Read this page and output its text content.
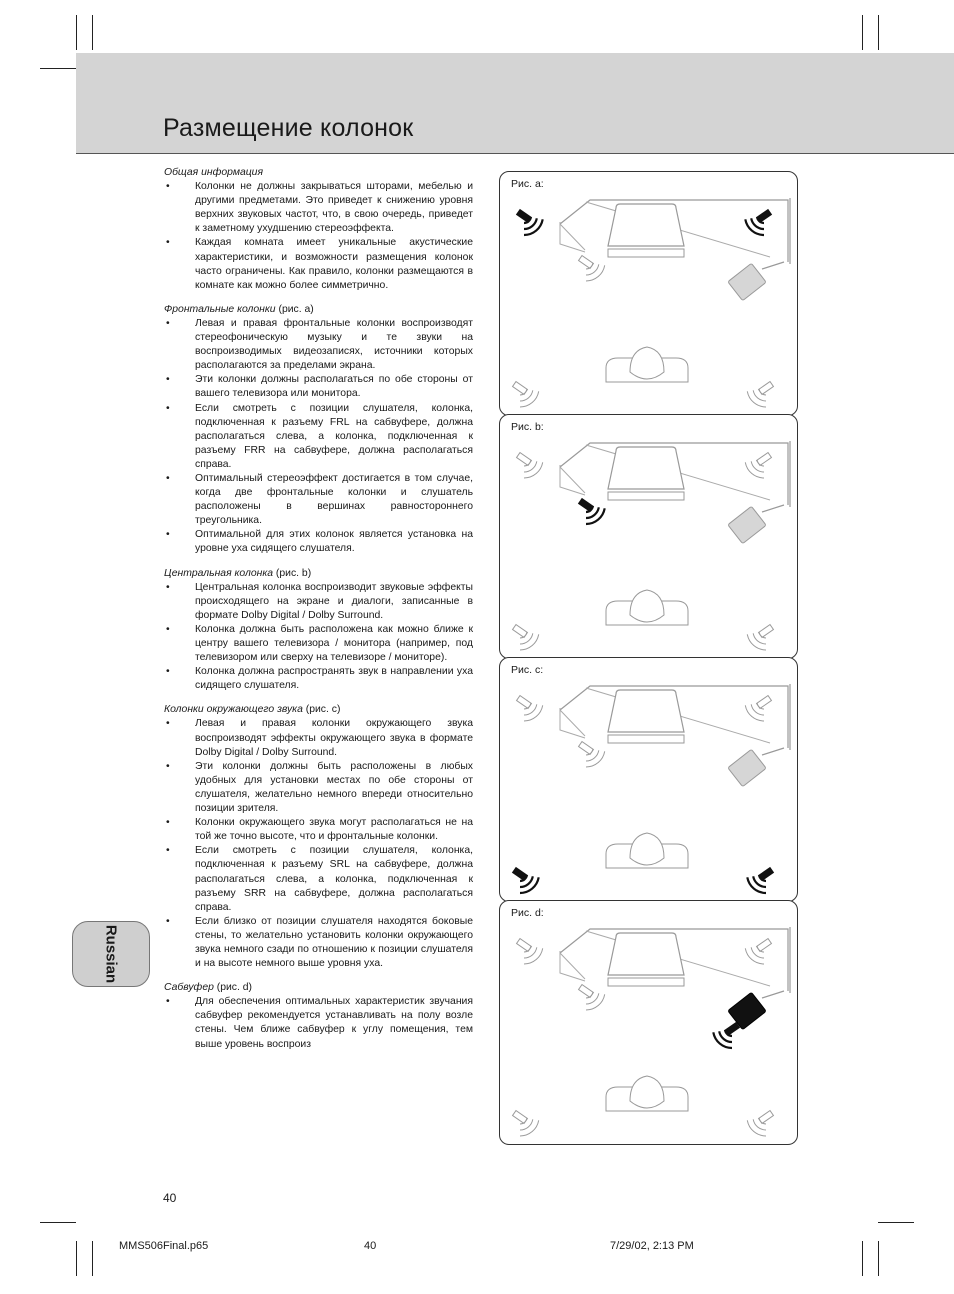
Размещение колонок
Общая информация
• Колонки не должны закрываться шторами, мебелью и другими предметами. Это приведет к снижению уровня верхних звуковых частот, что, в свою очередь, приведет к заметному ухудшению стереоэффекта.
• Каждая комната имеет уникальные акустические характеристики, и возможности размещения колонок часто ограничены. Как правило, колонки размещаются в комнате как можно более симметрично.
Фронтальные колонки (рис. a)
• Левая и правая фронтальные колонки воспроизводят стереофоническую музыку и те звуки на воспроизводимых видеозаписях, источники которых располагаются за пределами экрана.
• Эти колонки должны располагаться по обе стороны от вашего телевизора или монитора.
• Если смотреть с позиции слушателя, колонка, подключенная к разъему FRL на сабвуфере, должна располагаться слева, а колонка, подключенная к разъему FRR на сабвуфере, должна располагаться справа.
• Оптимальный стереоэффект достигается в том случае, когда две фронтальные колонки и слушатель расположены в вершинах равностороннего треугольника.
• Оптимальной для этих колонок является установка на уровне уха сидящего слушателя.
Центральная колонка (рис. b)
• Центральная колонка воспроизводит звуковые эффекты происходящего на экране и диалоги, записанные в формате Dolby Digital / Dolby Surround.
• Колонка должна быть расположена как можно ближе к центру вашего телевизора / монитора (например, под телевизором или сверху на телевизоре / мониторе).
• Колонка должна распространять звук в направлении уха сидящего слушателя.
Колонки окружающего звука (рис. c)
• Левая и правая колонки окружающего звука воспроизводят эффекты окружающего звука в формате Dolby Digital / Dolby Surround.
• Эти колонки должны быть расположены в любых удобных для установки местах по обе стороны от слушателя, желательно немного впереди относительно позиции зрителя.
• Колонки окружающего звука могут располагаться не на той же точно высоте, что и фронтальные колонки.
• Если смотреть с позиции слушателя, колонка, подключенная к разъему SRL на сабвуфере, должна располагаться слева, а колонка, подключенная к разъему SRR на сабвуфере, должна располагаться справа.
• Если близко от позиции слушателя находятся боковые стены, то желательно установить колонки окружающего звука немного сзади по отношению к позиции слушателя и на высоте немного выше уровня уха.
Сабвуфер (рис. d)
• Для обеспечения оптимальных характеристик звучания сабвуфер рекомендуется устанавливать на полу возле стены. Чем ближе сабвуфер к углу помещения, тем выше уровень воспроиз
Russian
Рис. a:
Рис. b:
Рис. c:
Рис. d:
40
MMS506Final.p65	40	7/29/02, 2:13 PM
